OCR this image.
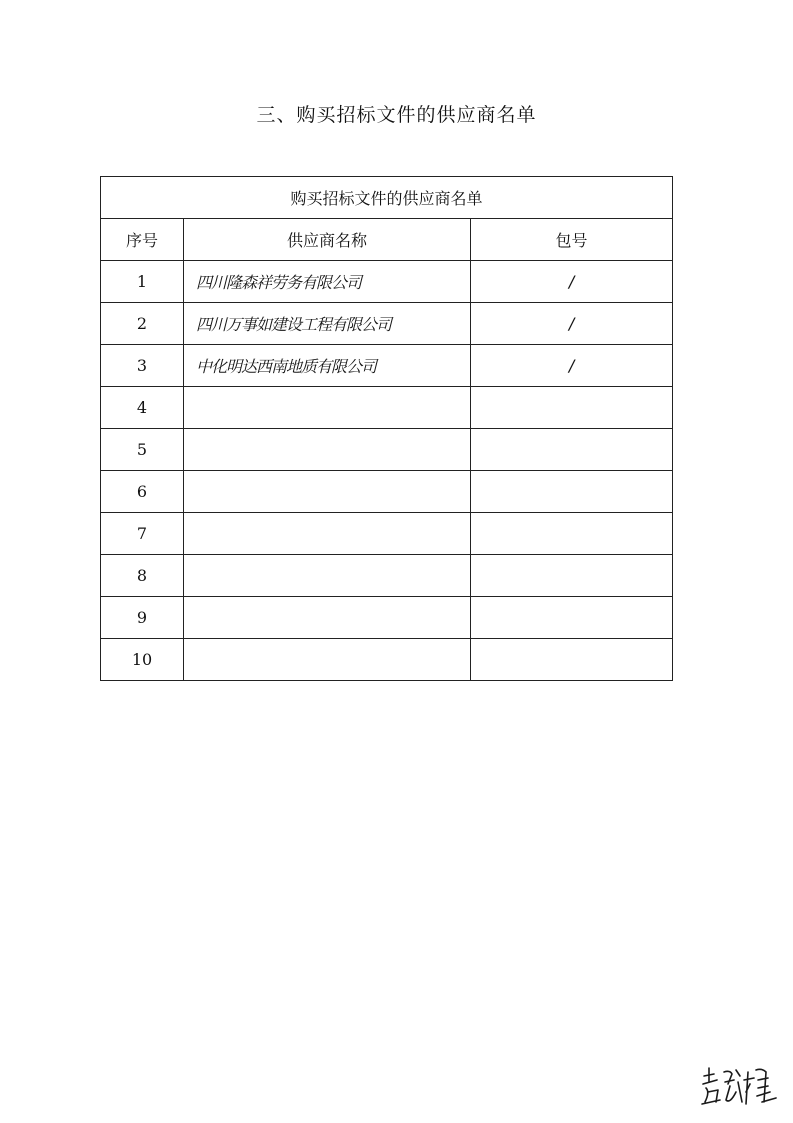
三、购买招标文件的供应商名单
购买招标文件的供应商名单		
序号	供应商名称	包号
1	四川隆森祥劳务有限公司	/
2	四川万事如建设工程有限公司	/
3	中化明达西南地质有限公司	/
4		
5		
6		
7		
8		
9		
10		
